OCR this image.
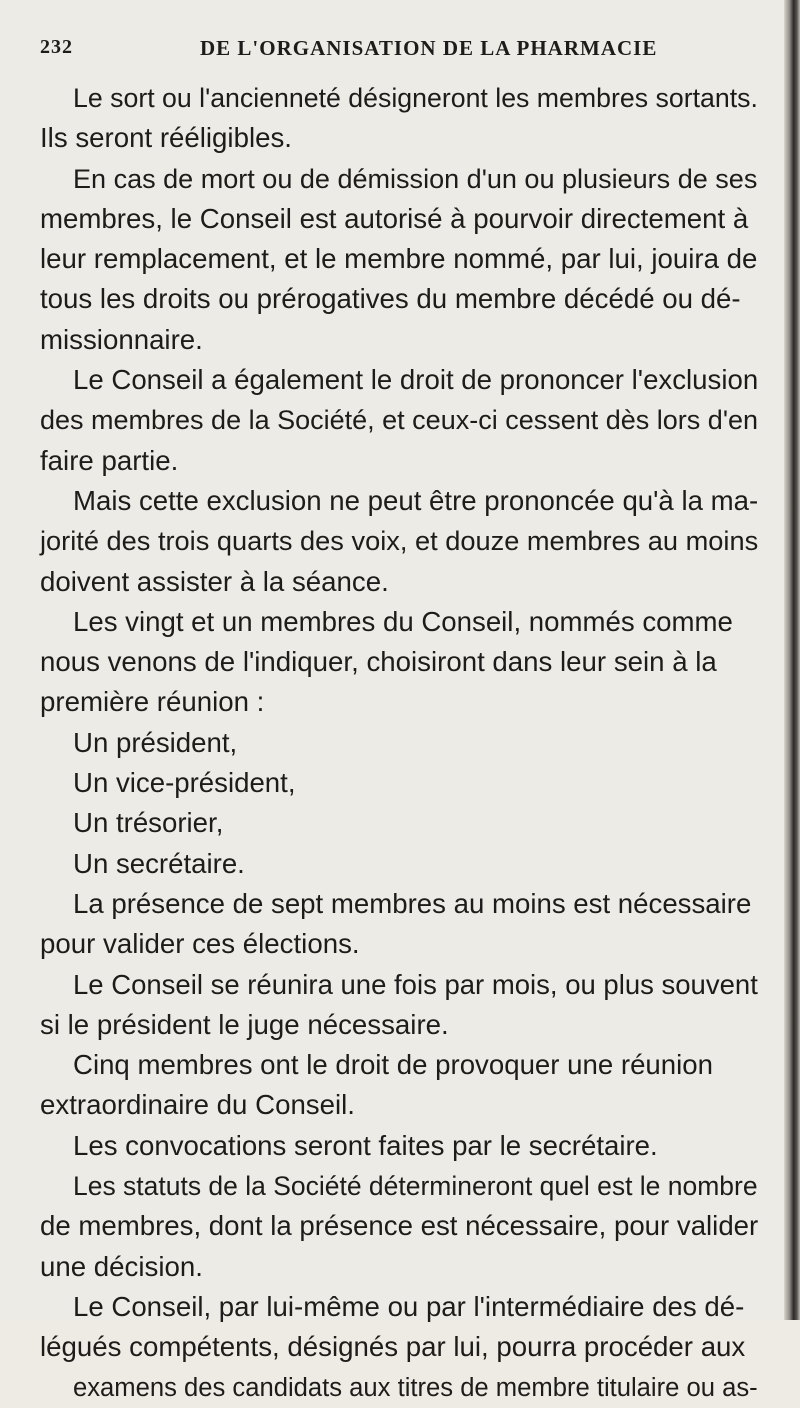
232	DE L'ORGANISATION DE LA PHARMACIE
Le sort ou l'ancienneté désigneront les membres sortants.
Ils seront rééligibles.
En cas de mort ou de démission d'un ou plusieurs de ses
membres, le Conseil est autorisé à pourvoir directement à
leur remplacement, et le membre nommé, par lui, jouira de
tous les droits ou prérogatives du membre décédé ou dé-
missionnaire.
Le Conseil a également le droit de prononcer l'exclusion
des membres de la Société, et ceux-ci cessent dès lors d'en
faire partie.
Mais cette exclusion ne peut être prononcée qu'à la ma-
jorité des trois quarts des voix, et douze membres au moins
doivent assister à la séance.
Les vingt et un membres du Conseil, nommés comme
nous venons de l'indiquer, choisiront dans leur sein à la
première réunion :
Un président,
Un vice-président,
Un trésorier,
Un secrétaire.
La présence de sept membres au moins est nécessaire
pour valider ces élections.
Le Conseil se réunira une fois par mois, ou plus souvent
si le président le juge nécessaire.
Cinq membres ont le droit de provoquer une réunion
extraordinaire du Conseil.
Les convocations seront faites par le secrétaire.
Les statuts de la Société détermineront quel est le nombre
de membres, dont la présence est nécessaire, pour valider
une décision.
Le Conseil, par lui-même ou par l'intermédiaire des dé-
légués compétents, désignés par lui, pourra procéder aux
examens des candidats aux titres de membre titulaire ou as-
